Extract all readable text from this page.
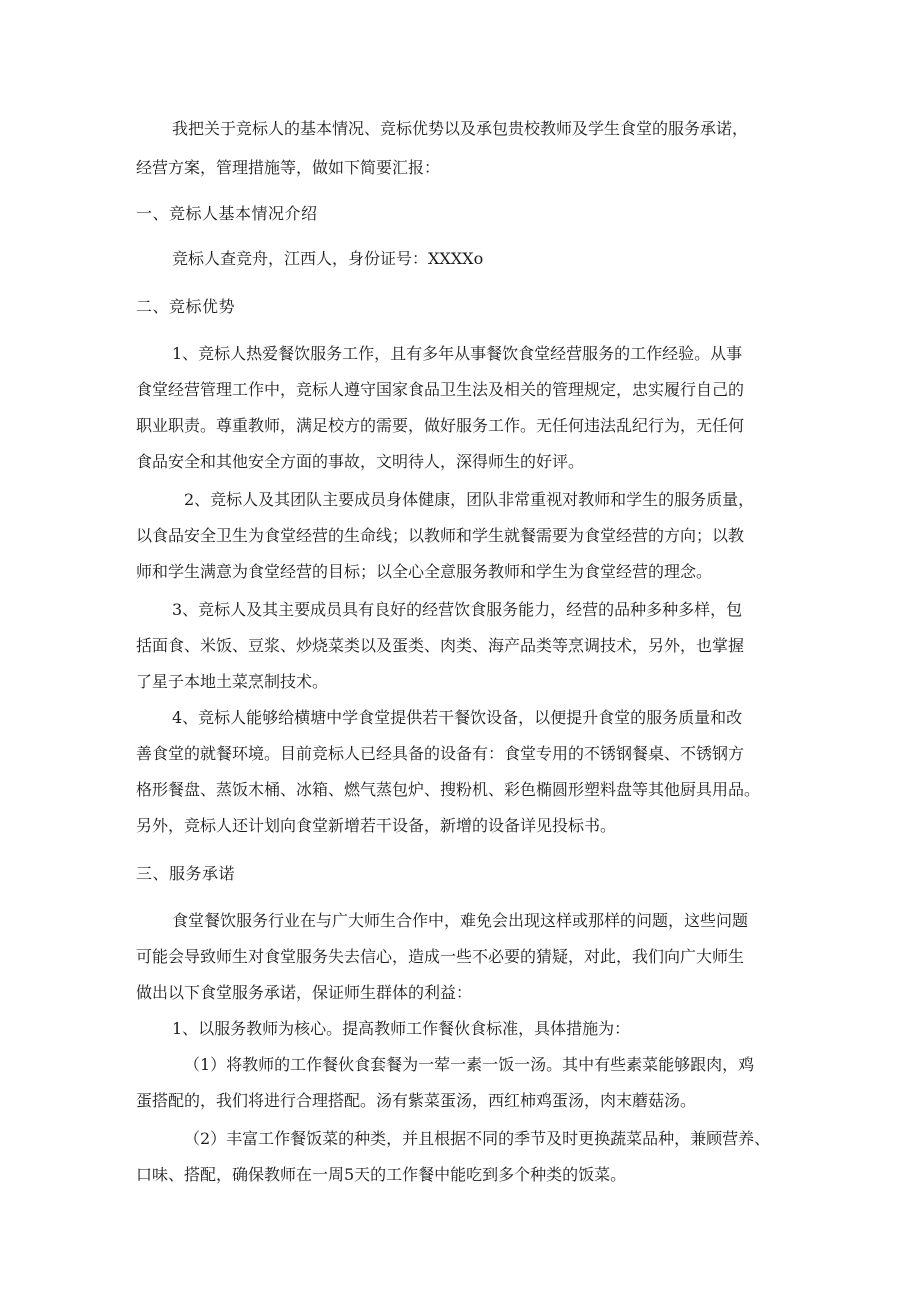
我把关于竞标人的基本情况、竞标优势以及承包贵校教师及学生食堂的服务承诺，
经营方案，管理措施等，做如下简要汇报：
一、竞标人基本情况介绍
竞标人查竞舟，江西人，身份证号：XXXXo
二、竞标优势
1、竞标人热爱餐饮服务工作，且有多年从事餐饮食堂经营服务的工作经验。从事
食堂经营管理工作中，竞标人遵守国家食品卫生法及相关的管理规定，忠实履行自己的
职业职责。尊重教师，满足校方的需要，做好服务工作。无任何违法乱纪行为，无任何
食品安全和其他安全方面的事故，文明待人，深得师生的好评。
2、竞标人及其团队主要成员身体健康，团队非常重视对教师和学生的服务质量，
以食品安全卫生为食堂经营的生命线；以教师和学生就餐需要为食堂经营的方向；以教
师和学生满意为食堂经营的目标；以全心全意服务教师和学生为食堂经营的理念。
3、竞标人及其主要成员具有良好的经营饮食服务能力，经营的品种多种多样，包
括面食、米饭、豆浆、炒烧菜类以及蛋类、肉类、海产品类等烹调技术，另外，也掌握
了星子本地土菜烹制技术。
4、竞标人能够给横塘中学食堂提供若干餐饮设备，以便提升食堂的服务质量和改
善食堂的就餐环境。目前竞标人已经具备的设备有：食堂专用的不锈钢餐桌、不锈钢方
格形餐盘、蒸饭木桶、冰箱、燃气蒸包炉、搜粉机、彩色椭圆形塑料盘等其他厨具用品。
另外，竞标人还计划向食堂新增若干设备，新增的设备详见投标书。
三、服务承诺
食堂餐饮服务行业在与广大师生合作中，难免会出现这样或那样的问题，这些问题
可能会导致师生对食堂服务失去信心，造成一些不必要的猜疑，对此，我们向广大师生
做出以下食堂服务承诺，保证师生群体的利益：
1、以服务教师为核心。提高教师工作餐伙食标准，具体措施为：
（1）将教师的工作餐伙食套餐为一荤一素一饭一汤。其中有些素菜能够跟肉，鸡
蛋搭配的，我们将进行合理搭配。汤有紫菜蛋汤，西红柿鸡蛋汤，肉末蘑菇汤。
（2）丰富工作餐饭菜的种类，并且根据不同的季节及时更换蔬菜品种，兼顾营养、
口味、搭配，确保教师在一周5天的工作餐中能吃到多个种类的饭菜。
